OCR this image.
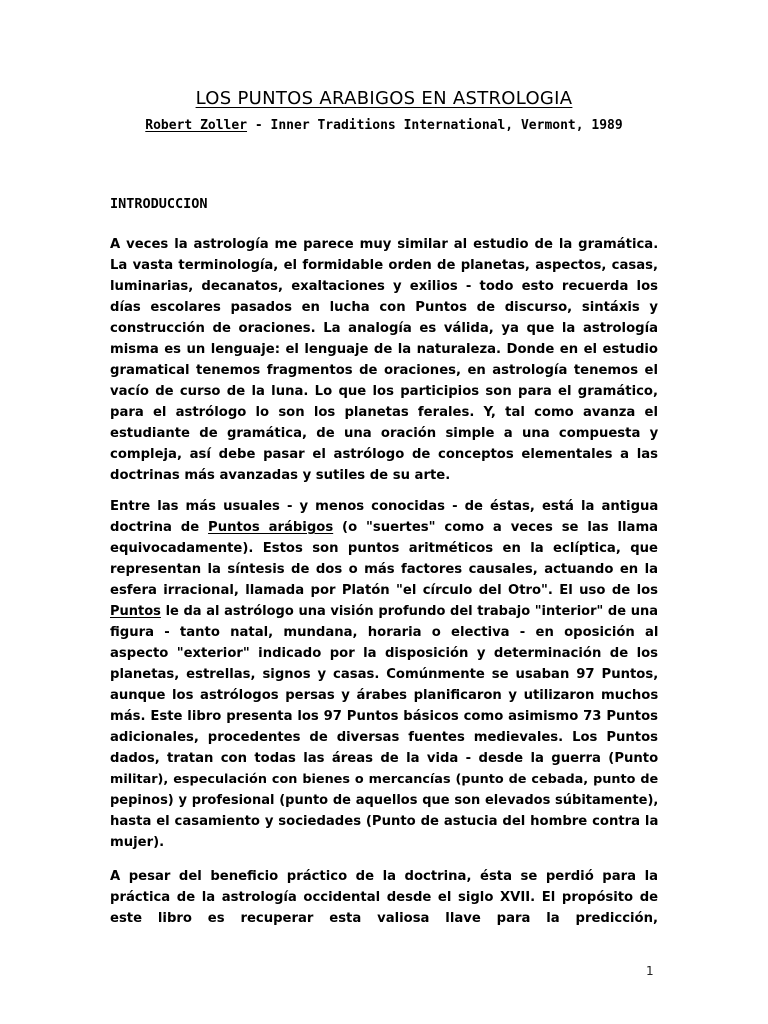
LOS PUNTOS ARABIGOS EN ASTROLOGIA
Robert Zoller - Inner Traditions International, Vermont, 1989
INTRODUCCION

A veces la astrología me parece muy similar al estudio de la gramática.
La vasta terminología, el formidable orden de planetas, aspectos, casas,
luminarias, decanatos, exaltaciones y exilios - todo esto recuerda los
días escolares pasados en lucha con Puntos de discurso, sintáxis y
construcción de oraciones. La analogía es válida, ya que la astrología
misma es un lenguaje: el lenguaje de la naturaleza. Donde en el estudio
gramatical tenemos fragmentos de oraciones, en astrología tenemos el
vacío de curso de la luna. Lo que los participios son para el gramático,
para el astrólogo lo son los planetas ferales. Y, tal como avanza el
estudiante de gramática, de una oración simple a una compuesta y
compleja, así debe pasar el astrólogo de conceptos elementales a las
doctrinas más avanzadas y sutiles de su arte.

Entre las más usuales - y menos conocidas - de éstas, está la antigua
doctrina de Puntos arábigos (o "suertes" como a veces se las llama
equivocadamente). Estos son puntos aritméticos en la eclíptica, que
representan la síntesis de dos o más factores causales, actuando en la
esfera irracional, llamada por Platón "el círculo del Otro". El uso de los
Puntos le da al astrólogo una visión profundo del trabajo "interior" de una
figura - tanto natal, mundana, horaria o electiva - en oposición al
aspecto "exterior" indicado por la disposición y determinación de los
planetas, estrellas, signos y casas. Comúnmente se usaban 97 Puntos,
aunque los astrólogos persas y árabes planificaron y utilizaron muchos
más. Este libro presenta los 97 Puntos básicos como asimismo 73 Puntos
adicionales, procedentes de diversas fuentes medievales. Los Puntos
dados, tratan con todas las áreas de la vida - desde la guerra (Punto
militar), especulación con bienes o mercancías (punto de cebada, punto de
pepinos) y profesional (punto de aquellos que son elevados súbitamente),
hasta el casamiento y sociedades (Punto de astucia del hombre contra la
mujer).

A pesar del beneficio práctico de la doctrina, ésta se perdió para la
práctica de la astrología occidental desde el siglo XVII. El propósito de
este libro es recuperar esta valiosa llave para la predicción,

1
